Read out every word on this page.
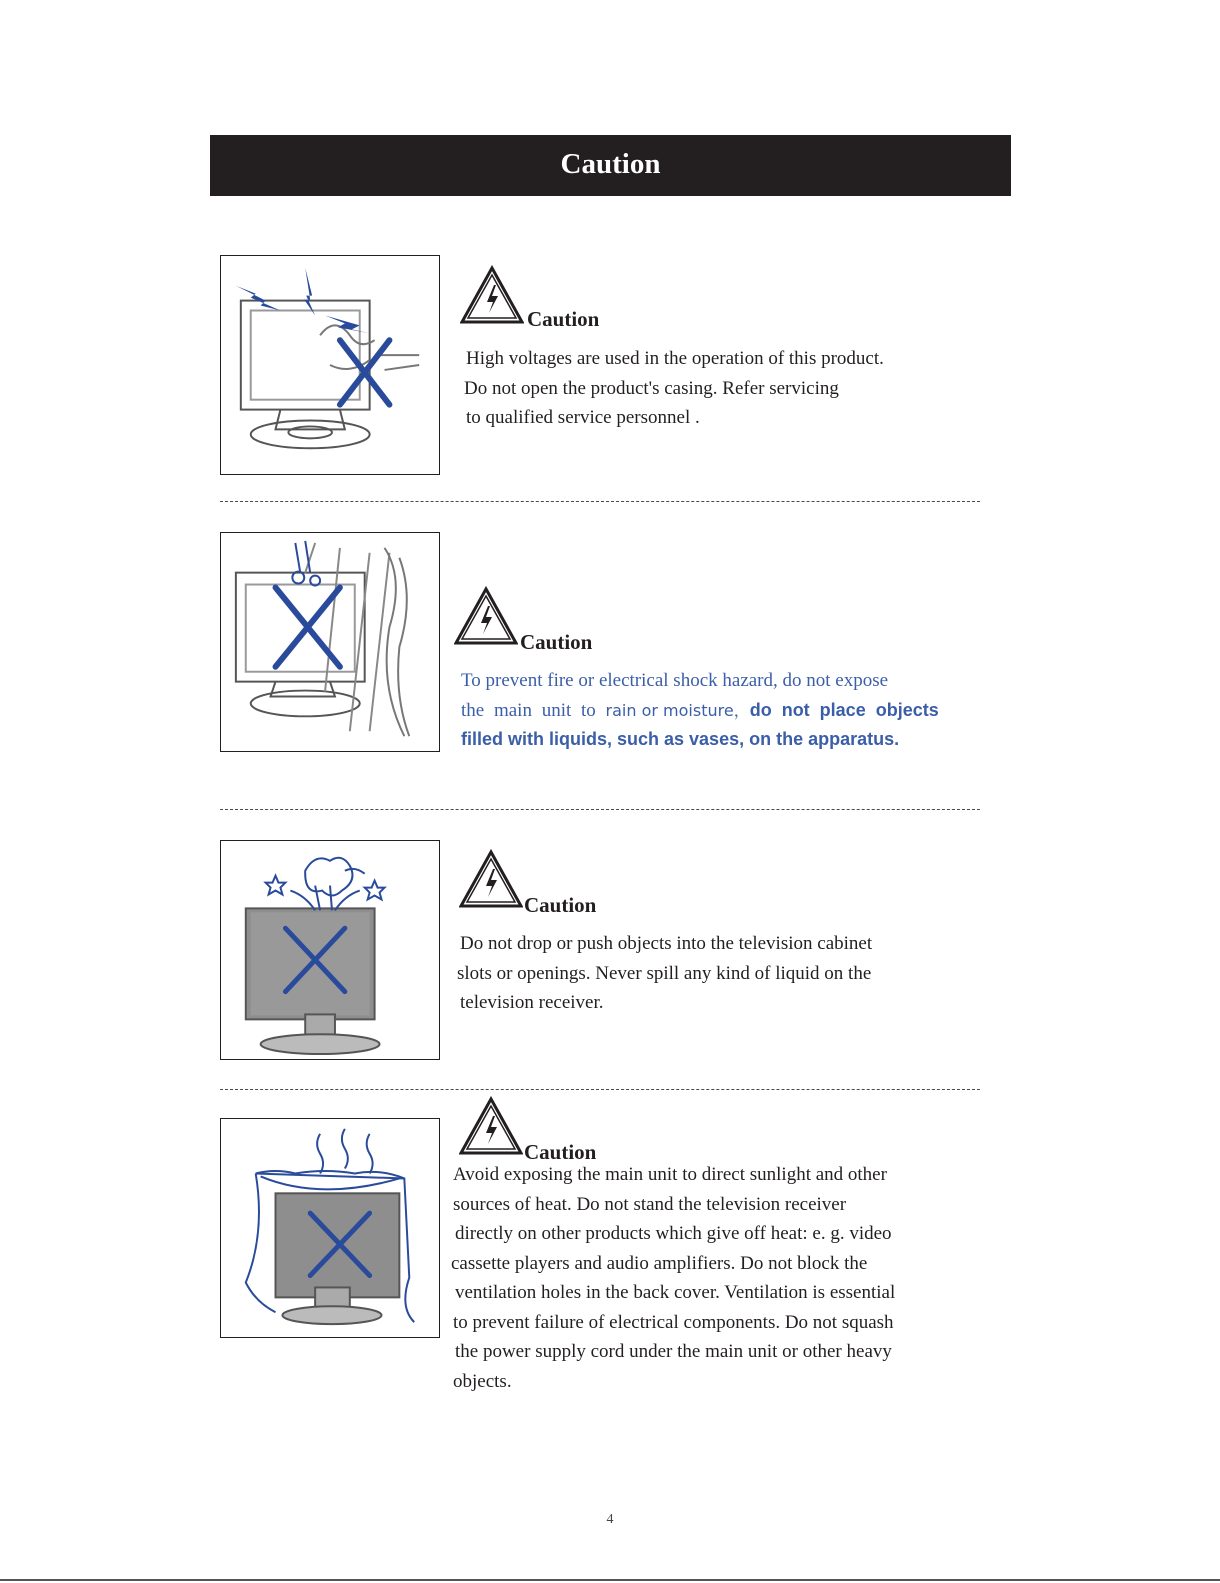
Caution
Caution
High voltages are used in the operation of this product.
Do not open the product's casing. Refer servicing
to qualified service personnel .
Caution
To prevent fire or electrical shock hazard, do not expose
the main unit to rain or moisture，do not place objects
filled with liquids, such as vases, on the apparatus.
Caution
Do not drop or push objects into the television cabinet
slots or openings. Never spill any kind of liquid on the
television receiver.
Caution
Avoid exposing the main unit to direct sunlight and other
sources of heat. Do not stand the television receiver
directly on other products which give off heat: e. g. video
cassette players and audio amplifiers. Do not block the
ventilation holes in the back cover. Ventilation is essential
to prevent failure of electrical components. Do not squash
the power supply cord under the main unit or other heavy
objects.
4
